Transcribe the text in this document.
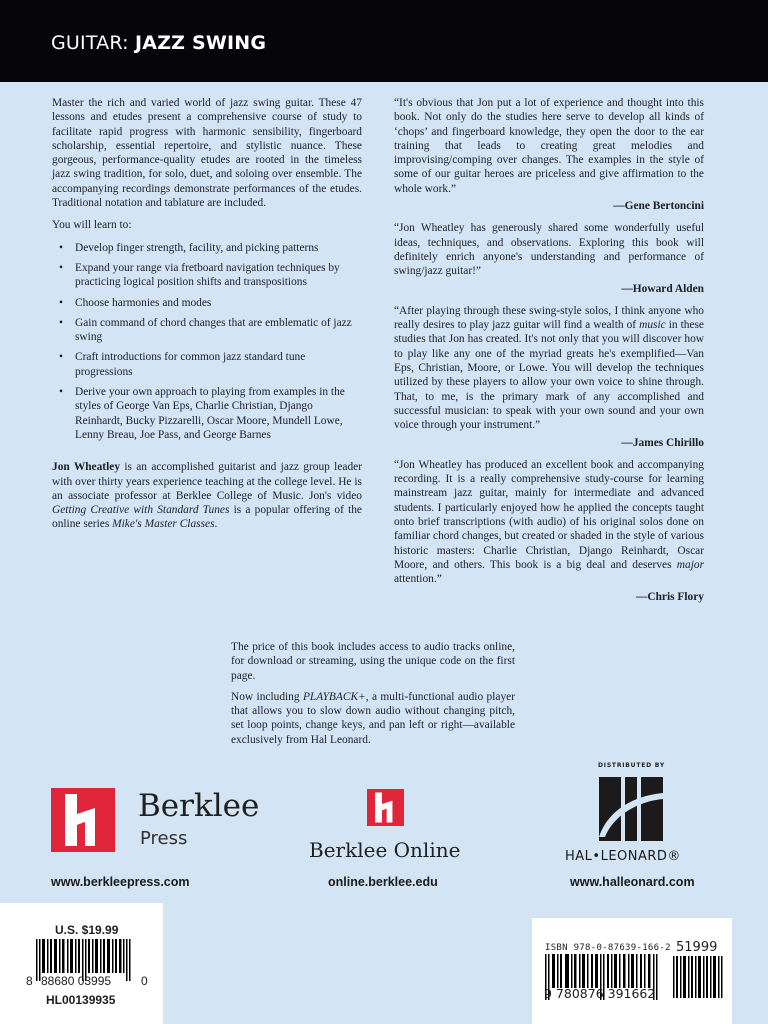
GUITAR: JAZZ SWING

Master the rich and varied world of jazz swing guitar. These 47 lessons and etudes present a comprehensive course of study to facilitate rapid progress with harmonic sensibility, fingerboard scholarship, essential repertoire, and stylistic nuance. These gorgeous, performance-quality etudes are rooted in the timeless jazz swing tradition, for solo, duet, and soloing over ensemble. The accompanying recordings demonstrate performances of the etudes. Traditional notation and tablature are included.

You will learn to:

• Develop finger strength, facility, and picking patterns
• Expand your range via fretboard navigation techniques by practicing logical position shifts and transpositions
• Choose harmonies and modes
• Gain command of chord changes that are emblematic of jazz swing
• Craft introductions for common jazz standard tune progressions
• Derive your own approach to playing from examples in the styles of George Van Eps, Charlie Christian, Django Reinhardt, Bucky Pizzarelli, Oscar Moore, Mundell Lowe, Lenny Breau, Joe Pass, and George Barnes

Jon Wheatley is an accomplished guitarist and jazz group leader with over thirty years experience teaching at the college level. He is an associate professor at Berklee College of Music. Jon's video Getting Creative with Standard Tunes is a popular offering of the online series Mike's Master Classes.

“It's obvious that Jon put a lot of experience and thought into this book. Not only do the studies here serve to develop all kinds of ‘chops’ and fingerboard knowledge, they open the door to the ear training that leads to creating great melodies and improvising/comping over changes. The examples in the style of some of our guitar heroes are priceless and give affirmation to the whole work.”

—Gene Bertoncini

“Jon Wheatley has generously shared some wonderfully useful ideas, techniques, and observations. Exploring this book will definitely enrich anyone's understanding and performance of swing/jazz guitar!”

—Howard Alden

“After playing through these swing-style solos, I think anyone who really desires to play jazz guitar will find a wealth of music in these studies that Jon has created. It's not only that you will discover how to play like any one of the myriad greats he's exemplified—Van Eps, Christian, Moore, or Lowe. You will develop the techniques utilized by these players to allow your own voice to shine through. That, to me, is the primary mark of any accomplished and successful musician: to speak with your own sound and your own voice through your instrument.”

—James Chirillo

“Jon Wheatley has produced an excellent book and accompanying recording. It is a really comprehensive study-course for learning mainstream jazz guitar, mainly for intermediate and advanced students. I particularly enjoyed how he applied the concepts taught onto brief transcriptions (with audio) of his original solos done on familiar chord changes, but created or shaded in the style of various historic masters: Charlie Christian, Django Reinhardt, Oscar Moore, and others. This book is a big deal and deserves major attention.”

—Chris Flory

The price of this book includes access to audio tracks online, for download or streaming, using the unique code on the first page.

Now including PLAYBACK+, a multi-functional audio player that allows you to slow down audio without changing pitch, set loop points, change keys, and pan left or right—available exclusively from Hal Leonard.

Berklee
Press
www.berkleepress.com
Berklee Online
online.berklee.edu
DISTRIBUTED BY
HAL•LEONARD®
www.halleonard.com
U.S. $19.99
8 88680 03995 0
HL00139935
ISBN 978-0-87639-166-2
9 780876 391662
51999
